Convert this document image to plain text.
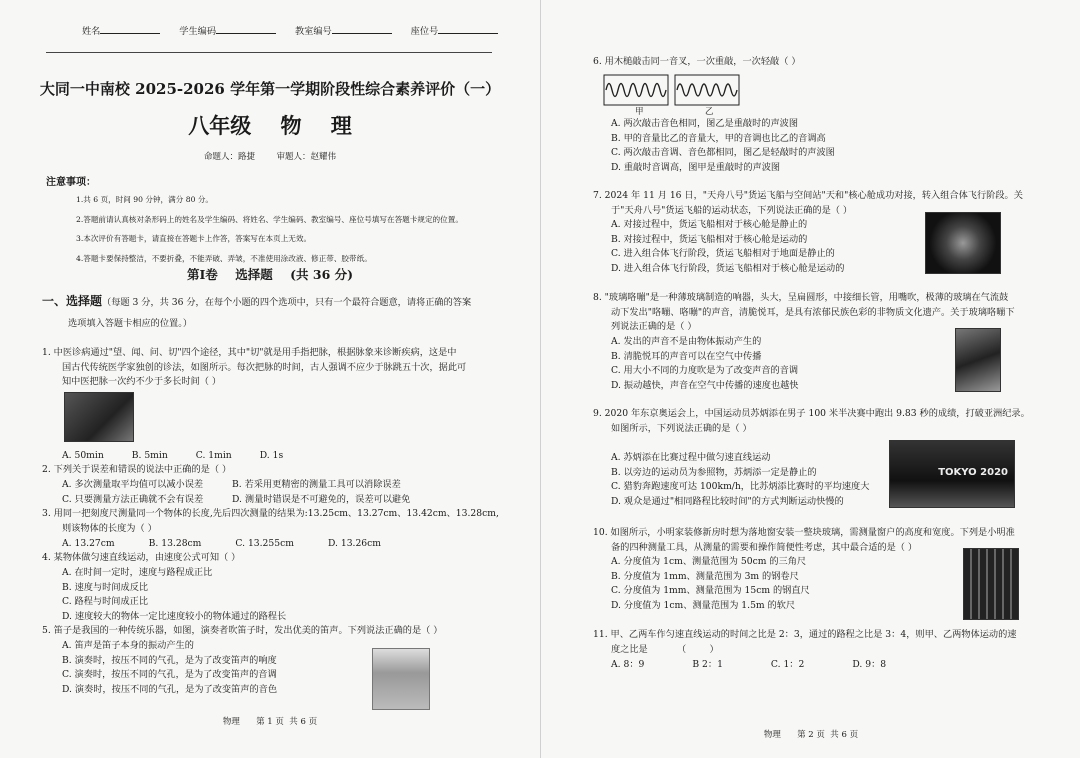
姓名	学生编码	教室编号	座位号
大同一中南校 2025-2026 学年第一学期阶段性综合素养评价（一）
八年级    物    理
命题人：路捷        审题人：赵耀伟
注意事项：
1.共 6 页，时间 90 分钟，满分 80 分。
2.答题前请认真核对条形码上的姓名及学生编码、将姓名、学生编码、教室编号、座位号填写在答题卡规定的位置。
3.本次评价有答题卡，请直接在答题卡上作答，答案写在本页上无效。
4.答题卡要保持整洁，不要折叠，不能弄破、弄皱，不准使用涂改液、修正带、胶带纸。
第Ⅰ卷    选择题    (共 36 分)
一、选择题（每题 3 分，共 36 分，在每个小题的四个选项中，只有一个最符合题意，请将正确的答案
选项填入答题卡相应的位置。）
1. 中医诊病通过"望、闻、问、切"四个途径，其中"切"就是用手指把脉，根据脉象来诊断疾病，这是中
国古代传统医学家独创的诊法，如图所示。每次把脉的时间，古人强调不应少于脉跳五十次，据此可
知中医把脉一次约不少于多长时间（ ）
A. 50min	B. 5min	C. 1min	D. 1s
2. 下列关于误差和错误的说法中正确的是（ ）
A. 多次测量取平均值可以减小误差	B. 若采用更精密的测量工具可以消除误差
C. 只要测量方法正确就不会有误差	D. 测量时错误是不可避免的，误差可以避免
3. 用同一把刻度尺测量同一个物体的长度,先后四次测量的结果为:13.25cm、13.27cm、13.42cm、13.28cm,
则该物体的长度为（ ）
A. 13.27cm	B. 13.28cm	C. 13.255cm	D. 13.26cm
4. 某物体做匀速直线运动，由速度公式可知（ ）
A. 在时间一定时，速度与路程成正比
B. 速度与时间成反比
C. 路程与时间成正比
D. 速度较大的物体一定比速度较小的物体通过的路程长
5. 笛子是我国的一种传统乐器，如图，演奏者吹笛子时，发出优美的笛声。下列说法正确的是（ ）
A. 笛声是笛子本身的振动产生的
B. 演奏时，按压不同的气孔，是为了改变笛声的响度
C. 演奏时，按压不同的气孔，是为了改变笛声的音调
D. 演奏时，按压不同的气孔，是为了改变笛声的音色
物理      第 1 页  共 6 页
6. 用木槌敲击同一音叉，一次重敲，一次轻敲（ ）
甲	乙
A. 两次敲击音色相同，图乙是重敲时的声波图
B. 甲的音量比乙的音量大，甲的音调也比乙的音调高
C. 两次敲击音调、音色都相同，图乙是轻敲时的声波图
D. 重敲时音调高，图甲是重敲时的声波图
7. 2024 年 11 月 16 日，"天舟八号"货运飞船与空间站"天和"核心舱成功对接，转入组合体飞行阶段。关
于"天舟八号"货运飞船的运动状态，下列说法正确的是（ ）
A. 对接过程中，货运飞船相对于核心舱是静止的
B. 对接过程中，货运飞船相对于核心舱是运动的
C. 进入组合体飞行阶段，货运飞船相对于地面是静止的
D. 进入组合体飞行阶段，货运飞船相对于核心舱是运动的
8. "玻璃咯嘣"是一种薄玻璃制造的响器，头大，呈扁圆形，中接细长管，用嘴吹，极薄的玻璃在气流鼓
动下发出"咯嘣、咯嘣"的声音，清脆悦耳，是具有浓郁民族色彩的非物质文化遗产。关于玻璃咯嘣下
列说法正确的是（ ）
A. 发出的声音不是由物体振动产生的
B. 清脆悦耳的声音可以在空气中传播
C. 用大小不同的力度吹是为了改变声音的音调
D. 振动越快，声音在空气中传播的速度也越快
9. 2020 年东京奥运会上，中国运动员苏炳添在男子 100 米半决赛中跑出 9.83 秒的成绩，打破亚洲纪录。
如图所示，下列说法正确的是（ ）
A. 苏炳添在比赛过程中做匀速直线运动
B. 以旁边的运动员为参照物，苏炳添一定是静止的
C. 猎豹奔跑速度可达 100km/h，比苏炳添比赛时的平均速度大
D. 观众是通过"相同路程比较时间"的方式判断运动快慢的
TOKYO 2020
10. 如图所示，小明家装修新房时想为落地窗安装一整块玻璃，需测量窗户的高度和宽度。下列是小明准
备的四种测量工具，从测量的需要和操作简便性考虑，其中最合适的是（ ）
A. 分度值为 1cm、测量范围为 50cm 的三角尺
B. 分度值为 1mm、测量范围为 3m 的钢卷尺
C. 分度值为 1mm、测量范围为 15cm 的钢直尺
D. 分度值为 1cm、测量范围为 1.5m 的软尺
11. 甲、乙两车作匀速直线运动的时间之比是 2：3，通过的路程之比是 3：4，则甲、乙两物体运动的速
度之比是          （        ）
A. 8：9	B 2：1	C. 1：2	D. 9：8
物理      第 2 页  共 6 页
